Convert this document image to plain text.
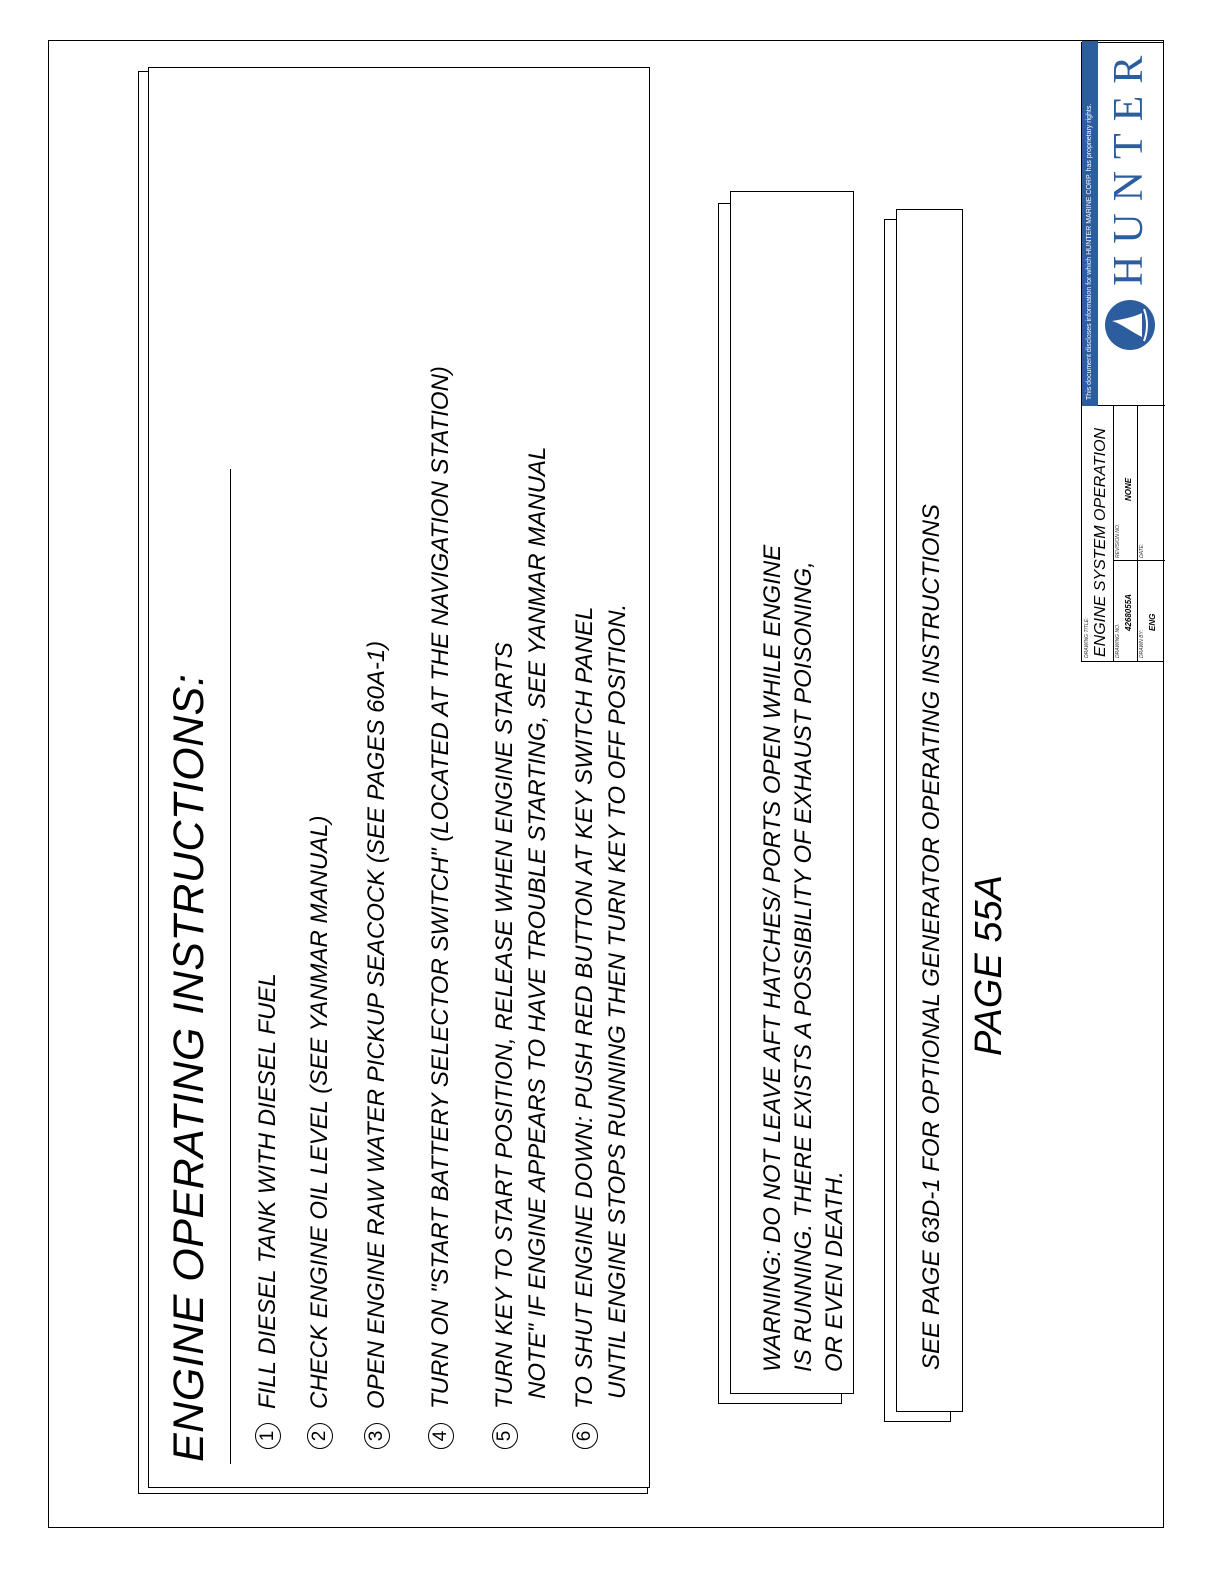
ENGINE OPERATING INSTRUCTIONS: 1FILL DIESEL TANK WITH DIESEL FUEL
2CHECK ENGINE OIL LEVEL (SEE YANMAR MANUAL)
3OPEN ENGINE RAW WATER PICKUP SEACOCK (SEE PAGES 60A-1)
4TURN ON "START BATTERY SELECTOR SWITCH" (LOCATED AT THE NAVIGATION STATION)
5TURN KEY TO START POSITION, RELEASE WHEN ENGINE STARTS NOTE" IF ENGINE APPEARS TO HAVE TROUBLE STARTING, SEE YANMAR MANUAL
6TO SHUT ENGINE DOWN: PUSH RED BUTTON AT KEY SWITCH PANEL UNTIL ENGINE STOPS RUNNING THEN TURN KEY TO OFF POSITION.	WARNING: DO NOT LEAVE AFT HATCHES/ PORTS OPEN WHILE ENGINE IS RUNNING. THERE EXISTS A POSSIBILITY OF EXHAUST POISONING, OR EVEN DEATH.	SEE PAGE 63D-1 FOR OPTIONAL GENERATOR OPERATING INSTRUCTIONS PAGE 55A
DRAWING TITLE: ENGINE SYSTEM OPERATION DRAWING NO.
4268055A
REVISION NO.
NONE
DRAWN BY:
ENG
DATE:
This document discloses information for which HUNTER MARINE CORP. has proprietary rights. HUNTER
